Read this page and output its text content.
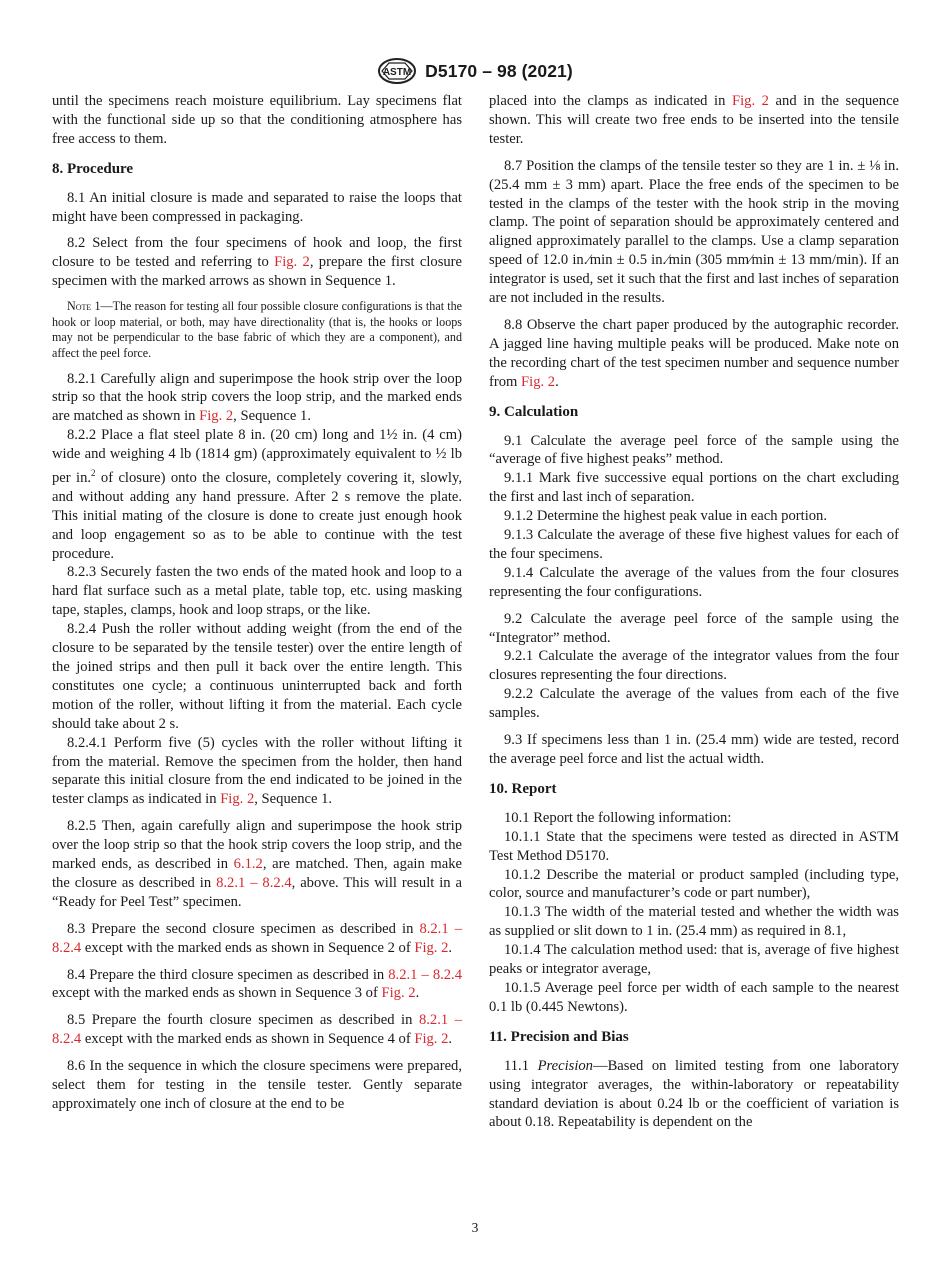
ASTM D5170 – 98 (2021)

until the specimens reach moisture equilibrium. Lay specimens flat with the functional side up so that the conditioning atmosphere has free access to them.

8. Procedure

8.1 An initial closure is made and separated to raise the loops that might have been compressed in packaging.

8.2 Select from the four specimens of hook and loop, the first closure to be tested and referring to Fig. 2, prepare the first closure specimen with the marked arrows as shown in Sequence 1.

Note 1—The reason for testing all four possible closure configurations is that the hook or loop material, or both, may have directionality (that is, the hooks or loops may not be perpendicular to the base fabric of which they are a component), and affect the peel force.

8.2.1 Carefully align and superimpose the hook strip over the loop strip so that the hook strip covers the loop strip, and the marked ends are matched as shown in Fig. 2, Sequence 1.

8.2.2 Place a flat steel plate 8 in. (20 cm) long and 1½ in. (4 cm) wide and weighing 4 lb (1814 gm) (approximately equivalent to ½ lb per in.$^2$ of closure) onto the closure, completely covering it, slowly, and without adding any hand pressure. After 2 s remove the plate. This initial mating of the closure is done to create just enough hook and loop engagement so as to be able to continue with the test procedure.

8.2.3 Securely fasten the two ends of the mated hook and loop to a hard flat surface such as a metal plate, table top, etc. using masking tape, staples, clamps, hook and loop straps, or the like.

8.2.4 Push the roller without adding weight (from the end of the closure to be separated by the tensile tester) over the entire length of the joined strips and then pull it back over the entire length. This constitutes one cycle; a continuous uninterrupted back and forth motion of the roller, without lifting it from the material. Each cycle should take about 2 s.

8.2.4.1 Perform five (5) cycles with the roller without lifting it from the material. Remove the specimen from the holder, then hand separate this initial closure from the end indicated to be joined in the tester clamps as indicated in Fig. 2, Sequence 1.

8.2.5 Then, again carefully align and superimpose the hook strip over the loop strip so that the hook strip covers the loop strip, and the marked ends, as described in 6.1.2, are matched. Then, again make the closure as described in 8.2.1 – 8.2.4, above. This will result in a “Ready for Peel Test” specimen.

8.3 Prepare the second closure specimen as described in 8.2.1 – 8.2.4 except with the marked ends as shown in Sequence 2 of Fig. 2.

8.4 Prepare the third closure specimen as described in 8.2.1 – 8.2.4 except with the marked ends as shown in Sequence 3 of Fig. 2.

8.5 Prepare the fourth closure specimen as described in 8.2.1 – 8.2.4 except with the marked ends as shown in Sequence 4 of Fig. 2.

8.6 In the sequence in which the closure specimens were prepared, select them for testing in the tensile tester. Gently separate approximately one inch of closure at the end to be

placed into the clamps as indicated in Fig. 2 and in the sequence shown. This will create two free ends to be inserted into the tensile tester.

8.7 Position the clamps of the tensile tester so they are 1 in. ± ⅛ in. (25.4 mm ± 3 mm) apart. Place the free ends of the specimen to be tested in the clamps of the tester with the hook strip in the moving clamp. The point of separation should be approximately centered and aligned approximately parallel to the clamps. Use a clamp separation speed of 12.0 in.⁄min ± 0.5 in.⁄min (305 mm⁄min ± 13 mm/min). If an integrator is used, set it such that the first and last inches of separation are not included in the results.

8.8 Observe the chart paper produced by the autographic recorder. A jagged line having multiple peaks will be produced. Make note on the recording chart of the test specimen number and sequence number from Fig. 2.

9. Calculation

9.1 Calculate the average peel force of the sample using the “average of five highest peaks” method.

9.1.1 Mark five successive equal portions on the chart excluding the first and last inch of separation.

9.1.2 Determine the highest peak value in each portion.

9.1.3 Calculate the average of these five highest values for each of the four specimens.

9.1.4 Calculate the average of the values from the four closures representing the four configurations.

9.2 Calculate the average peel force of the sample using the “Integrator” method.

9.2.1 Calculate the average of the integrator values from the four closures representing the four directions.

9.2.2 Calculate the average of the values from each of the five samples.

9.3 If specimens less than 1 in. (25.4 mm) wide are tested, record the average peel force and list the actual width.

10. Report

10.1 Report the following information:

10.1.1 State that the specimens were tested as directed in ASTM Test Method D5170.

10.1.2 Describe the material or product sampled (including type, color, source and manufacturer’s code or part number),

10.1.3 The width of the material tested and whether the width was as supplied or slit down to 1 in. (25.4 mm) as required in 8.1,

10.1.4 The calculation method used: that is, average of five highest peaks or integrator average,

10.1.5 Average peel force per width of each sample to the nearest 0.1 lb (0.445 Newtons).

11. Precision and Bias

11.1 Precision—Based on limited testing from one laboratory using integrator averages, the within-laboratory or repeatability standard deviation is about 0.24 lb or the coefficient of variation is about 0.18. Repeatability is dependent on the

3
